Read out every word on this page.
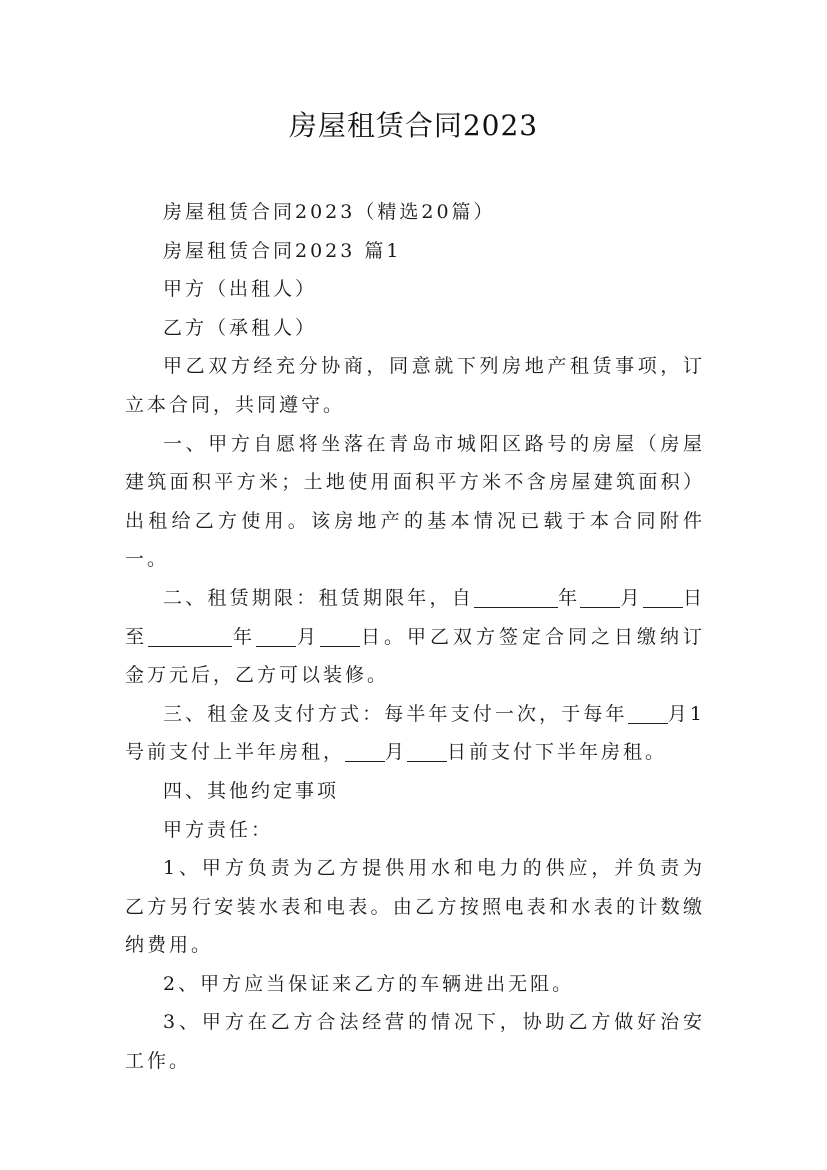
房屋租赁合同2023

房屋租赁合同2023（精选20篇）

房屋租赁合同2023 篇1

甲方（出租人）

乙方（承租人）

甲乙双方经充分协商，同意就下列房地产租赁事项，订立本合同，共同遵守。

一、甲方自愿将坐落在青岛市城阳区路号的房屋（房屋建筑面积平方米；土地使用面积平方米不含房屋建筑面积）出租给乙方使用。该房地产的基本情况已载于本合同附件一。

二、租赁期限：租赁期限年，自	年 月 日至	年 月 日。甲乙双方签定合同之日缴纳订金万元后，乙方可以装修。

三、租金及支付方式：每半年支付一次，于每年 月1号前支付上半年房租， 月 日前支付下半年房租。

四、其他约定事项

甲方责任：

1、甲方负责为乙方提供用水和电力的供应，并负责为乙方另行安装水表和电表。由乙方按照电表和水表的计数缴纳费用。

2、甲方应当保证来乙方的车辆进出无阻。

3、甲方在乙方合法经营的情况下，协助乙方做好治安工作。
